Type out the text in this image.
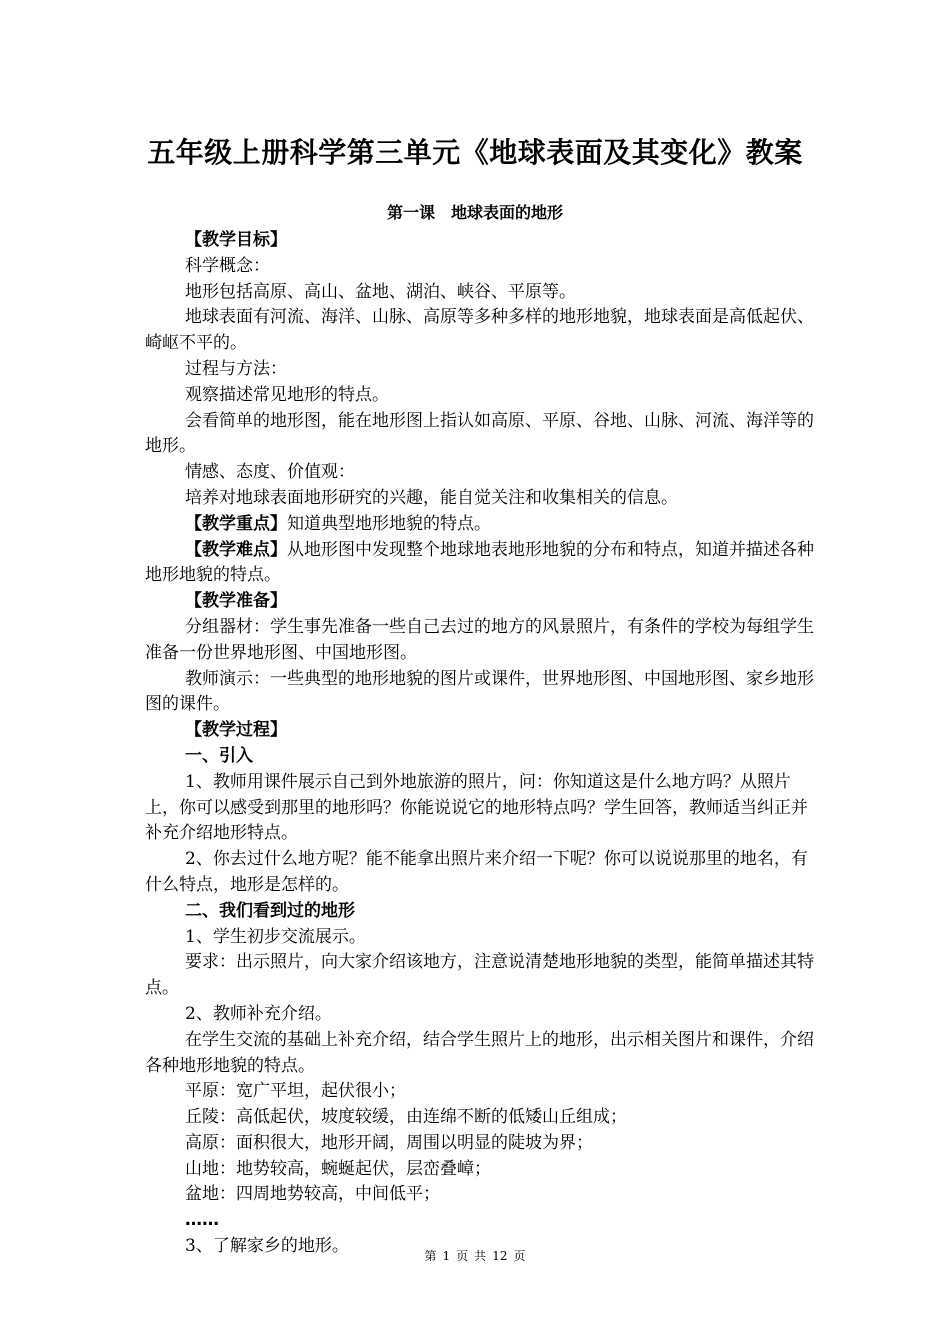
五年级上册科学第三单元《地球表面及其变化》教案
第一课　地球表面的地形

【教学目标】

科学概念：

地形包括高原、高山、盆地、湖泊、峡谷、平原等。

地球表面有河流、海洋、山脉、高原等多种多样的地形地貌，地球表面是高低起伏、崎岖不平的。

过程与方法：

观察描述常见地形的特点。

会看简单的地形图，能在地形图上指认如高原、平原、谷地、山脉、河流、海洋等的地形。

情感、态度、价值观：

培养对地球表面地形研究的兴趣，能自觉关注和收集相关的信息。

【教学重点】知道典型地形地貌的特点。

【教学难点】从地形图中发现整个地球地表地形地貌的分布和特点，知道并描述各种地形地貌的特点。

【教学准备】

分组器材：学生事先准备一些自己去过的地方的风景照片，有条件的学校为每组学生准备一份世界地形图、中国地形图。

教师演示：一些典型的地形地貌的图片或课件，世界地形图、中国地形图、家乡地形图的课件。

【教学过程】

一、引入

1、教师用课件展示自己到外地旅游的照片，问：你知道这是什么地方吗？从照片上，你可以感受到那里的地形吗？你能说说它的地形特点吗？学生回答，教师适当纠正并补充介绍地形特点。

2、你去过什么地方呢？能不能拿出照片来介绍一下呢？你可以说说那里的地名，有什么特点，地形是怎样的。

二、我们看到过的地形

1、学生初步交流展示。

要求：出示照片，向大家介绍该地方，注意说清楚地形地貌的类型，能简单描述其特点。

2、教师补充介绍。

在学生交流的基础上补充介绍，结合学生照片上的地形，出示相关图片和课件，介绍各种地形地貌的特点。

平原：宽广平坦，起伏很小；

丘陵：高低起伏，坡度较缓，由连绵不断的低矮山丘组成；

高原：面积很大，地形开阔，周围以明显的陡坡为界；

山地：地势较高，蜿蜒起伏，层峦叠嶂；

盆地：四周地势较高，中间低平；

……

3、了解家乡的地形。	第 1 页 共 12 页
